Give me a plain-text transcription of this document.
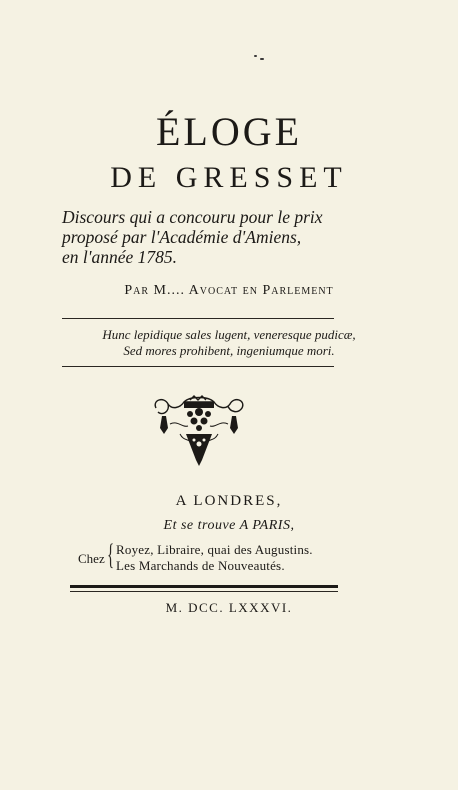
ÉLOGE
DE GRESSET
Discours qui a concouru pour le prix
proposé par l'Académie d'Amiens,
en l'année 1785.
Par M.... Avocat en Parlement
Hunc lepidique sales lugent, veneresque pudicæ,
Sed mores prohibent, ingeniumque mori.
A LONDRES,
Et se trouve A PARIS,
Chez { Royez, Libraire, quai des Augustins.
Les Marchands de Nouveautés.
M. DCC. LXXXVI.
